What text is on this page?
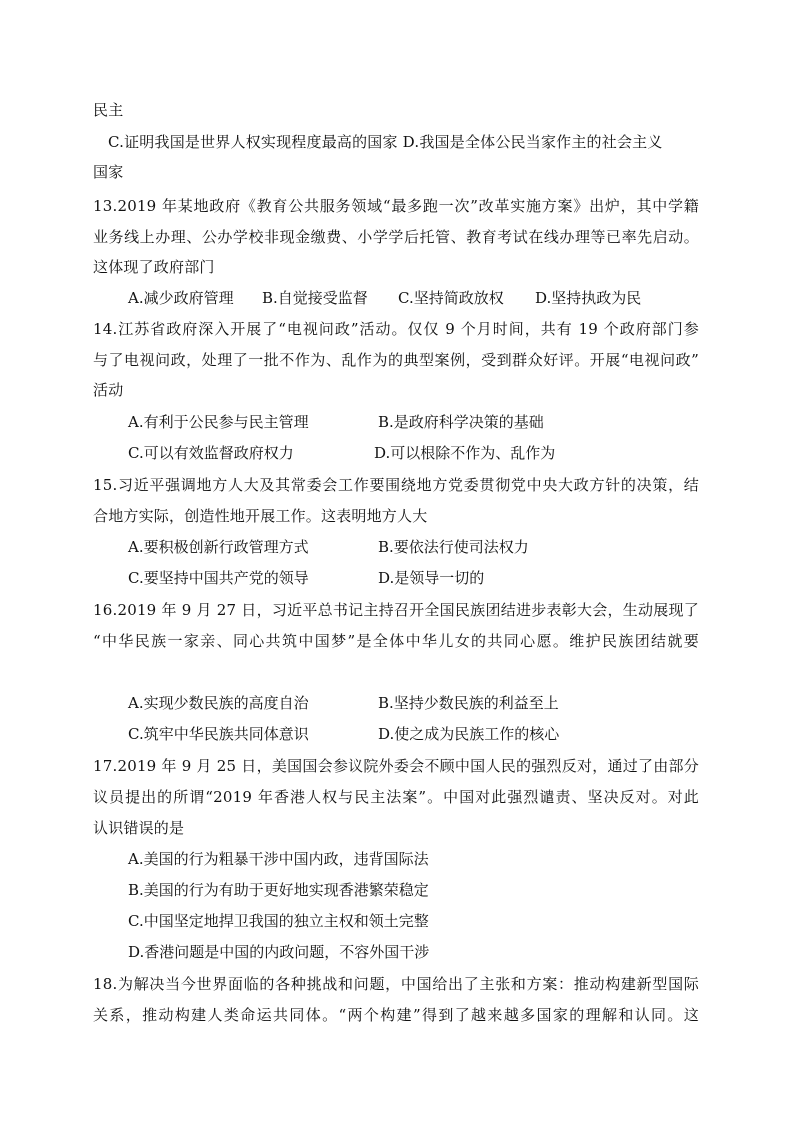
民主
C.证明我国是世界人权实现程度最高的国家 D.我国是全体公民当家作主的社会主义
国家
13.2019 年某地政府《教育公共服务领域“最多跑一次”改革实施方案》出炉，其中学籍
业务线上办理、公办学校非现金缴费、小学学后托管、教育考试在线办理等已率先启动。
这体现了政府部门
A.减少政府管理 B.自觉接受监督 C.坚持简政放权 D.坚持执政为民
14.江苏省政府深入开展了“电视问政”活动。仅仅 9 个月时间，共有 19 个政府部门参
与了电视问政，处理了一批不作为、乱作为的典型案例，受到群众好评。开展“电视问政”
活动
A.有利于公民参与民主管理	B.是政府科学决策的基础
C.可以有效监督政府权力	D.可以根除不作为、乱作为
15.习近平强调地方人大及其常委会工作要围绕地方党委贯彻党中央大政方针的决策，结
合地方实际，创造性地开展工作。这表明地方人大
A.要积极创新行政管理方式	B.要依法行使司法权力
C.要坚持中国共产党的领导	D.是领导一切的
16.2019 年 9 月 27 日，习近平总书记主持召开全国民族团结进步表彰大会，生动展现了
“中华民族一家亲、同心共筑中国梦”是全体中华儿女的共同心愿。维护民族团结就要
A.实现少数民族的高度自治	B.坚持少数民族的利益至上
C.筑牢中华民族共同体意识	D.使之成为民族工作的核心
17.2019 年 9 月 25 日，美国国会参议院外委会不顾中国人民的强烈反对，通过了由部分
议员提出的所谓“2019 年香港人权与民主法案”。中国对此强烈谴责、坚决反对。对此
认识错误的是
A.美国的行为粗暴干涉中国内政，违背国际法
B.美国的行为有助于更好地实现香港繁荣稳定
C.中国坚定地捍卫我国的独立主权和领土完整
D.香港问题是中国的内政问题，不容外国干涉
18.为解决当今世界面临的各种挑战和问题，中国给出了主张和方案：推动构建新型国际
关系，推动构建人类命运共同体。“两个构建”得到了越来越多国家的理解和认同。这
